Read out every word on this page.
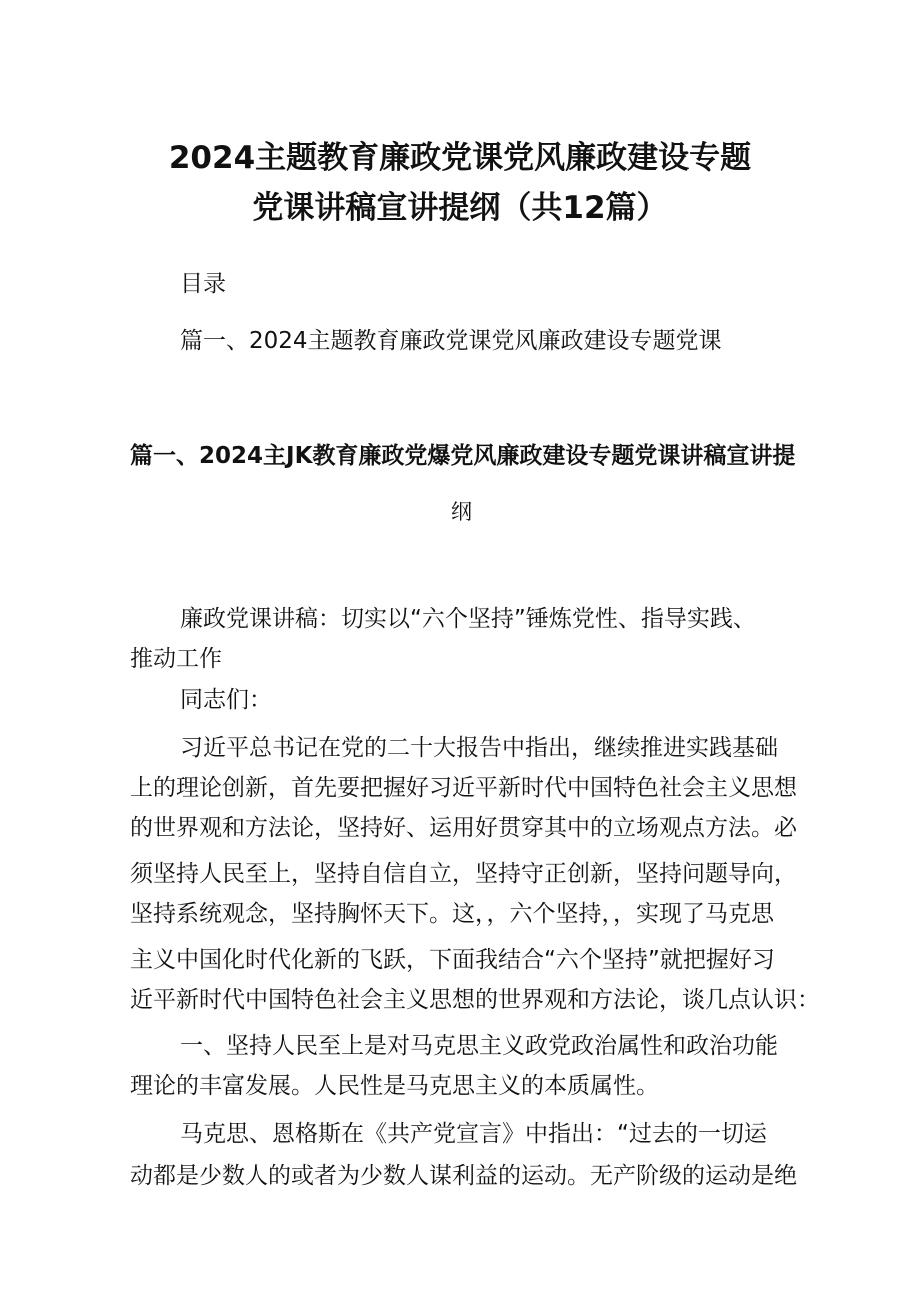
2024主题教育廉政党课党风廉政建设专题
党课讲稿宣讲提纲（共12篇）
目录
篇一、2024主题教育廉政党课党风廉政建设专题党课
篇一、2024主JK教育廉政党爆党风廉政建设专题党课讲稿宣讲提
纲
廉政党课讲稿：切实以“六个坚持”锤炼党性、指导实践、
推动工作
同志们：
习近平总书记在党的二十大报告中指出，继续推进实践基础
上的理论创新，首先要把握好习近平新时代中国特色社会主义思想
的世界观和方法论，坚持好、运用好贯穿其中的立场观点方法。必
须坚持人民至上，坚持自信自立，坚持守正创新，坚持问题导向，
坚持系统观念，坚持胸怀天下。这，，六个坚持，，实现了马克思
主义中国化时代化新的飞跃，下面我结合“六个坚持”就把握好习
近平新时代中国特色社会主义思想的世界观和方法论，谈几点认识：
一、坚持人民至上是对马克思主义政党政治属性和政治功能
理论的丰富发展。人民性是马克思主义的本质属性。
马克思、恩格斯在《共产党宣言》中指出：“过去的一切运
动都是少数人的或者为少数人谋利益的运动。无产阶级的运动是绝
